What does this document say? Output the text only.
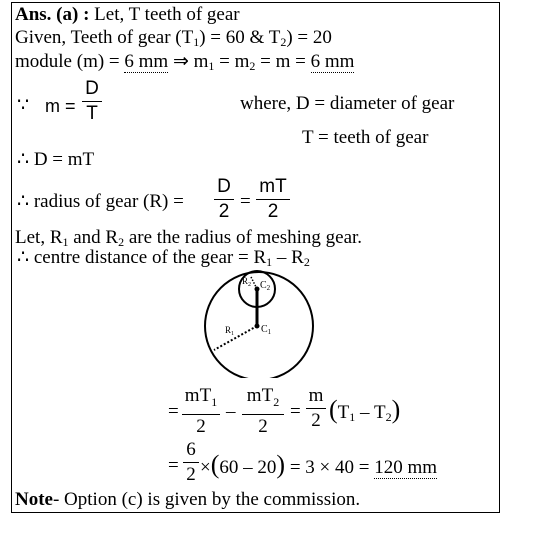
Ans. (a) : Let, T teeth of gear
Given, Teeth of gear $(T_1) = 60$ & $T_2) = 20$
module (m) = 6 mm ⇒ $m_1 = m_2 = m = 6$ mm
∵ m =
D
T	where, D = diameter of gear
T = teeth of gear
∴ D = mT
∴ radius of gear (R) =
D
2 =
mT
2
Let, $R_1$ and $R_2$ are the radius of meshing gear.
∴ centre distance of the gear = $R_1 - R_2$
$R_2$ $C_2$
$R_1$	$C_1$
=
$mT_1$
2
–
$mT_2$
2
=
m
2 $(T_1 - T_2)$
=
6
2 ×(60 – 20) = 3 × 40 = 120 mm
Note- Option (c) is given by the commission.
